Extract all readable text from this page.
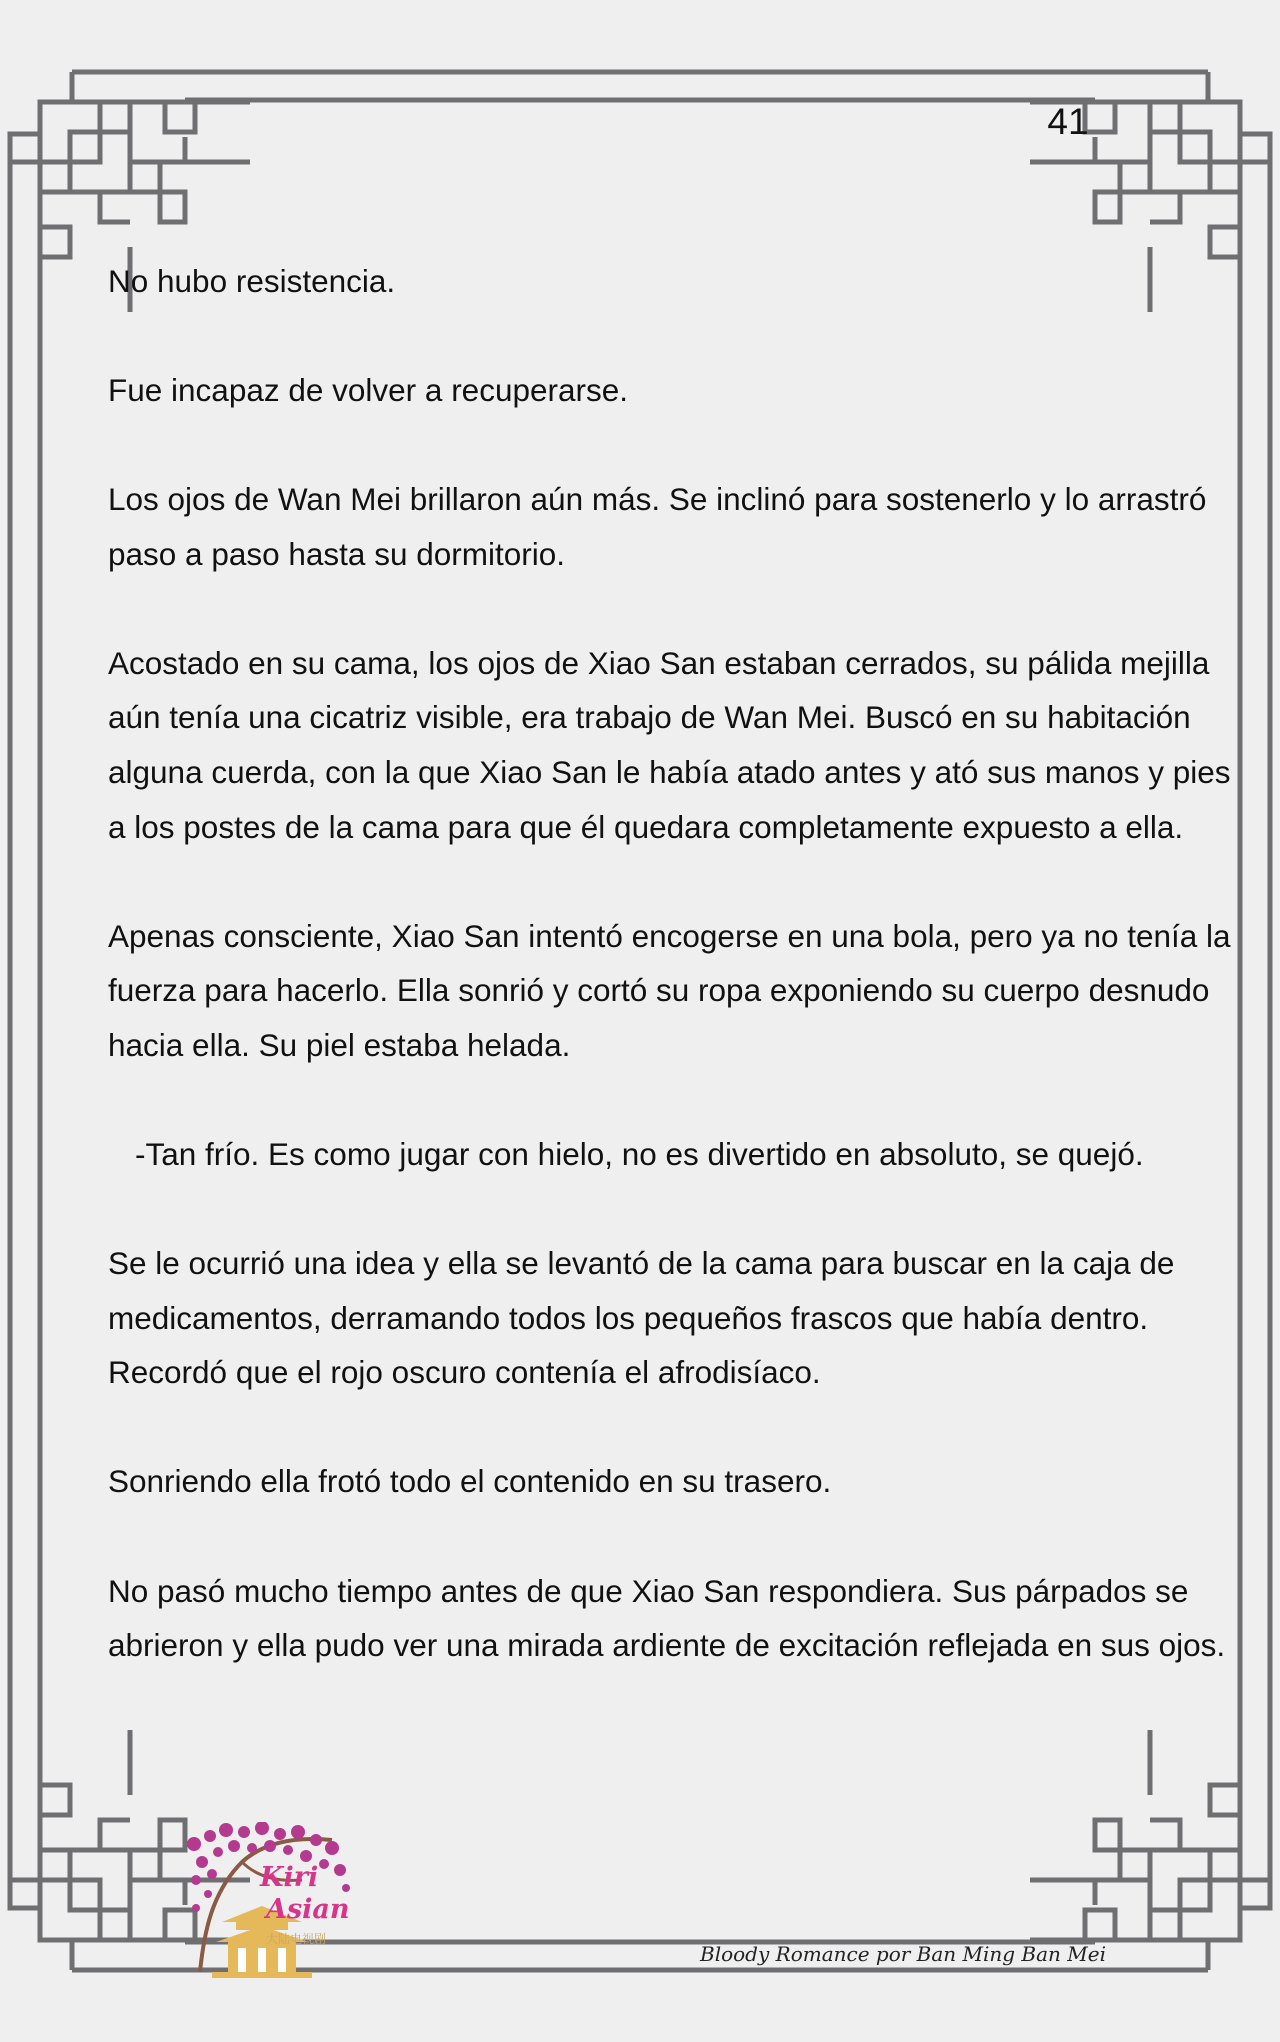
41

No hubo resistencia.

Fue incapaz de volver a recuperarse.

Los ojos de Wan Mei brillaron aún más. Se inclinó para sostenerlo y lo arrastró paso a paso hasta su dormitorio.

Acostado en su cama, los ojos de Xiao San estaban cerrados, su pálida mejilla aún tenía una cicatriz visible, era trabajo de Wan Mei. Buscó en su habitación alguna cuerda, con la que Xiao San le había atado antes y ató sus manos y pies a los postes de la cama para que él quedara completamente expuesto a ella.

Apenas consciente, Xiao San intentó encogerse en una bola, pero ya no tenía la fuerza para hacerlo. Ella sonrió y cortó su ropa exponiendo su cuerpo desnudo hacia ella. Su piel estaba helada.

-Tan frío. Es como jugar con hielo, no es divertido en absoluto, se quejó.

Se le ocurrió una idea y ella se levantó de la cama para buscar en la caja de medicamentos, derramando todos los pequeños frascos que había dentro. Recordó que el rojo oscuro contenía el afrodisíaco.

Sonriendo ella frotó todo el contenido en su trasero.

No pasó mucho tiempo antes de que Xiao San respondiera. Sus párpados se abrieron y ella pudo ver una mirada ardiente de excitación reflejada en sus ojos.

Kiri
Asian
大陆电视剧
Bloody Romance por Ban Ming Ban Mei
